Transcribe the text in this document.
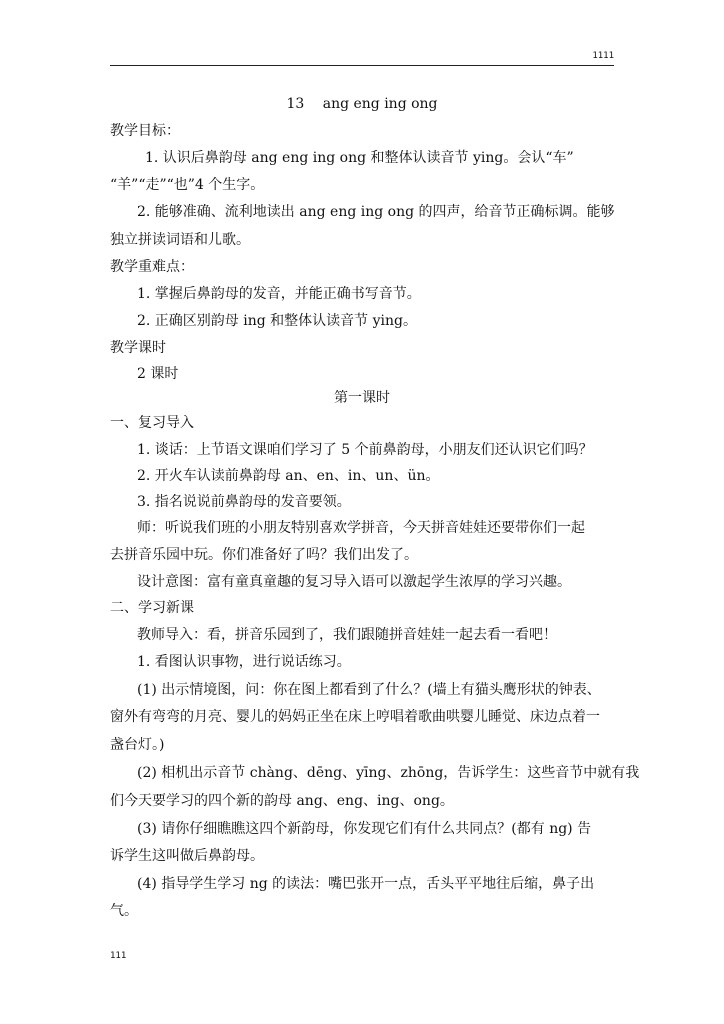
1111
13　 ang eng ing ong
教学目标：
1. 认识后鼻韵母 ang eng ing ong 和整体认读音节 ying。会认“车”
“羊”“走”“也”4 个生字。
2. 能够准确、流利地读出 ang eng ing ong 的四声，给音节正确标调。能够
独立拼读词语和儿歌。
教学重难点：
1. 掌握后鼻韵母的发音，并能正确书写音节。
2. 正确区别韵母 ing 和整体认读音节 ying。
教学课时
2 课时
第一课时
一、复习导入
1. 谈话：上节语文课咱们学习了 5 个前鼻韵母，小朋友们还认识它们吗？
2. 开火车认读前鼻韵母 an、en、in、un、ün。
3. 指名说说前鼻韵母的发音要领。
师：听说我们班的小朋友特别喜欢学拼音，今天拼音娃娃还要带你们一起
去拼音乐园中玩。你们准备好了吗？我们出发了。
设计意图：富有童真童趣的复习导入语可以激起学生浓厚的学习兴趣。
二、学习新课
教师导入：看，拼音乐园到了，我们跟随拼音娃娃一起去看一看吧！
1. 看图认识事物，进行说话练习。
(1) 出示情境图，问：你在图上都看到了什么？(墙上有猫头鹰形状的钟表、
窗外有弯弯的月亮、婴儿的妈妈正坐在床上哼唱着歌曲哄婴儿睡觉、床边点着一
盏台灯。)
(2) 相机出示音节 chàng、dēng、yīng、zhōng，告诉学生：这些音节中就有我
们今天要学习的四个新的韵母 ang、eng、ing、ong。
(3) 请你仔细瞧瞧这四个新韵母，你发现它们有什么共同点？(都有 ng) 告
诉学生这叫做后鼻韵母。
(4) 指导学生学习 ng 的读法：嘴巴张开一点，舌头平平地往后缩，鼻子出
气。
111
